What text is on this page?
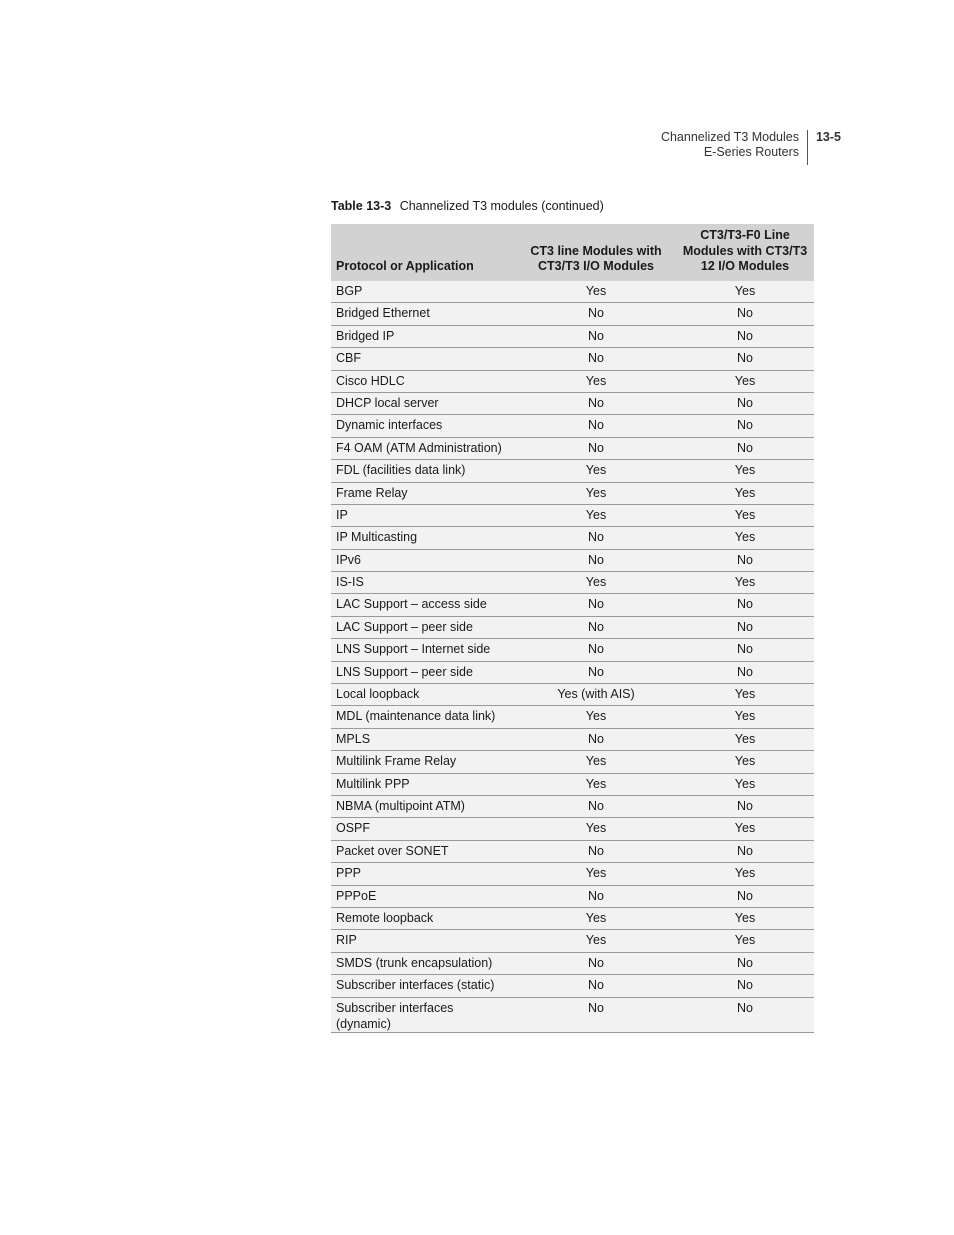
Channelized T3 Modules
E-Series Routers
13-5
Table 13-3 Channelized T3 modules (continued)
Protocol or Application	CT3 line Modules with CT3/T3 I/O Modules	CT3/T3-F0 Line Modules with CT3/T3 12 I/O Modules
BGP	Yes	Yes
Bridged Ethernet	No	No
Bridged IP	No	No
CBF	No	No
Cisco HDLC	Yes	Yes
DHCP local server	No	No
Dynamic interfaces	No	No
F4 OAM (ATM Administration)	No	No
FDL (facilities data link)	Yes	Yes
Frame Relay	Yes	Yes
IP	Yes	Yes
IP Multicasting	No	Yes
IPv6	No	No
IS-IS	Yes	Yes
LAC Support – access side	No	No
LAC Support – peer side	No	No
LNS Support – Internet side	No	No
LNS Support – peer side	No	No
Local loopback	Yes (with AIS)	Yes
MDL (maintenance data link)	Yes	Yes
MPLS	No	Yes
Multilink Frame Relay	Yes	Yes
Multilink PPP	Yes	Yes
NBMA (multipoint ATM)	No	No
OSPF	Yes	Yes
Packet over SONET	No	No
PPP	Yes	Yes
PPPoE	No	No
Remote loopback	Yes	Yes
RIP	Yes	Yes
SMDS (trunk encapsulation)	No	No
Subscriber interfaces (static)	No	No
Subscriber interfaces (dynamic)	No	No
